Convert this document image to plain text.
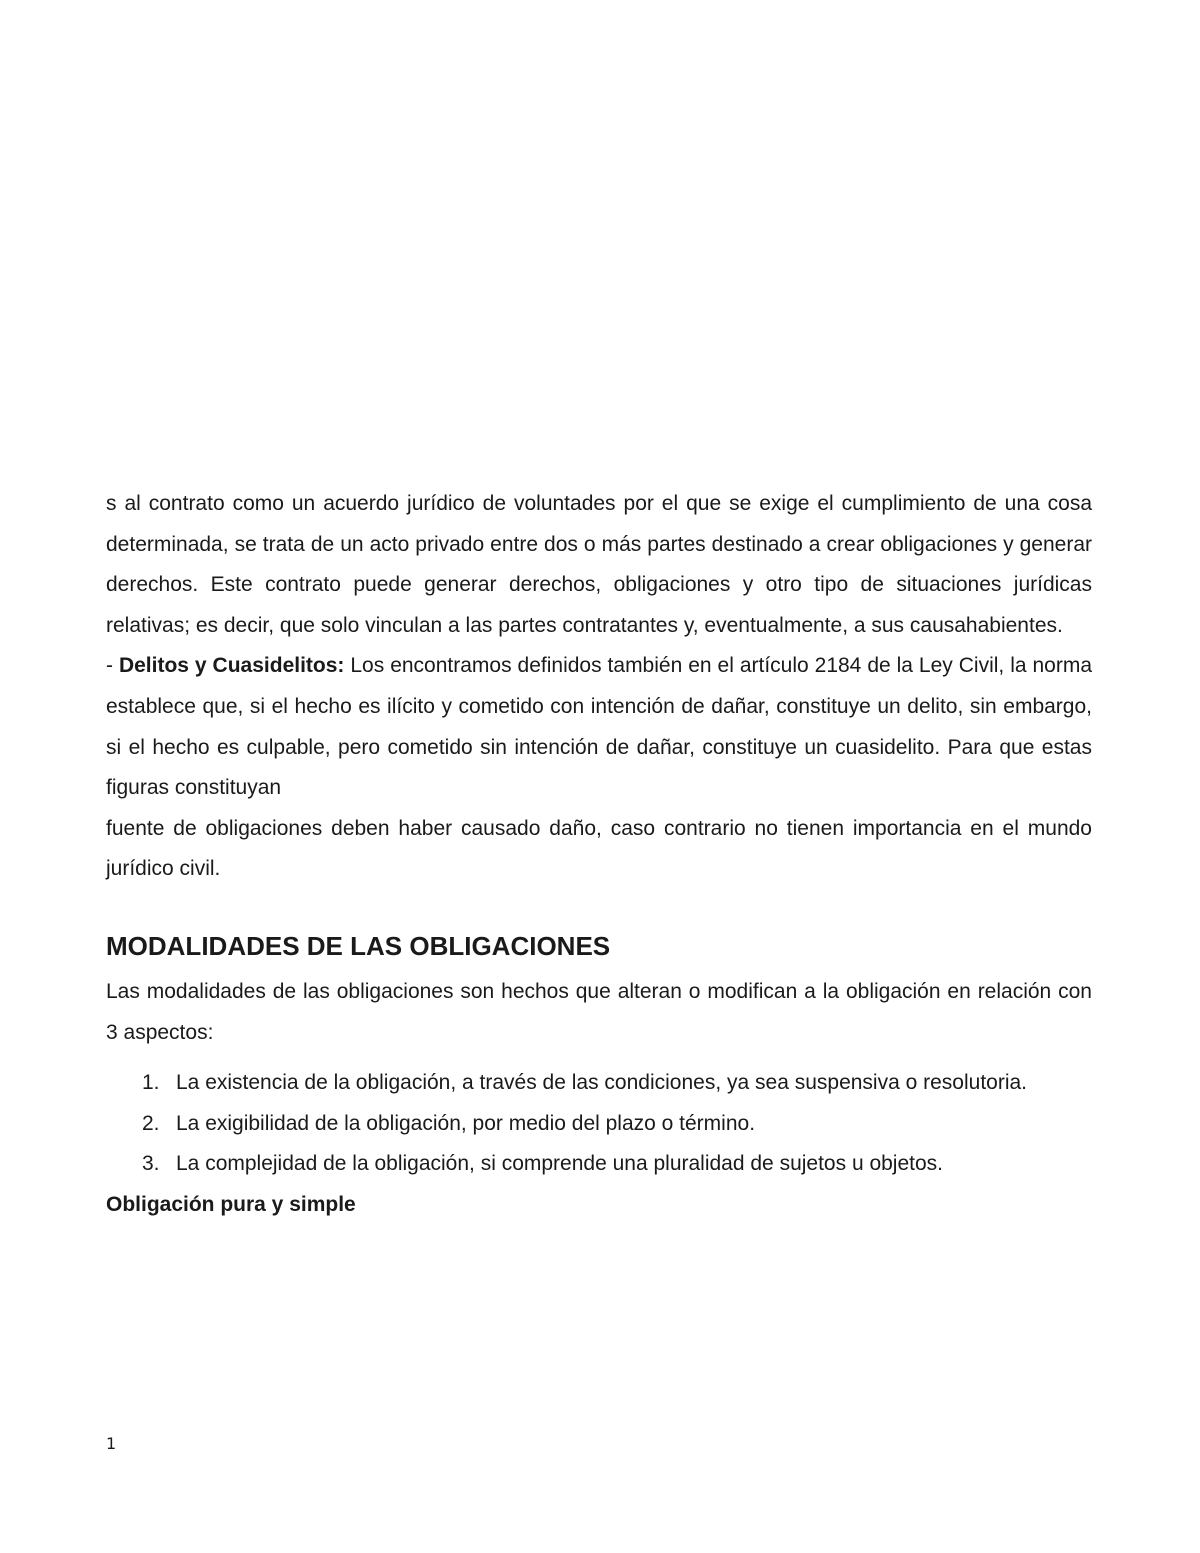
s al contrato como un acuerdo jurídico de voluntades por el que se exige el cumplimiento de una cosa determinada, se trata de un acto privado entre dos o más partes destinado a crear obligaciones y generar derechos. Este contrato puede generar derechos, obligaciones y otro tipo de situaciones jurídicas relativas; es decir, que solo vinculan a las partes contratantes y, eventualmente, a sus causahabientes.

- Delitos y Cuasidelitos: Los encontramos definidos también en el artículo 2184 de la Ley Civil, la norma establece que, si el hecho es ilícito y cometido con intención de dañar, constituye un delito, sin embargo, si el hecho es culpable, pero cometido sin intención de dañar, constituye un cuasidelito. Para que estas figuras constituyan

fuente de obligaciones deben haber causado daño, caso contrario no tienen importancia en el mundo jurídico civil.

MODALIDADES DE LAS OBLIGACIONES

Las modalidades de las obligaciones son hechos que alteran o modifican a la obligación en relación con 3 aspectos:

1. La existencia de la obligación, a través de las condiciones, ya sea suspensiva o resolutoria.
2. La exigibilidad de la obligación, por medio del plazo o término.
3. La complejidad de la obligación, si comprende una pluralidad de sujetos u objetos.

Obligación pura y simple

1
